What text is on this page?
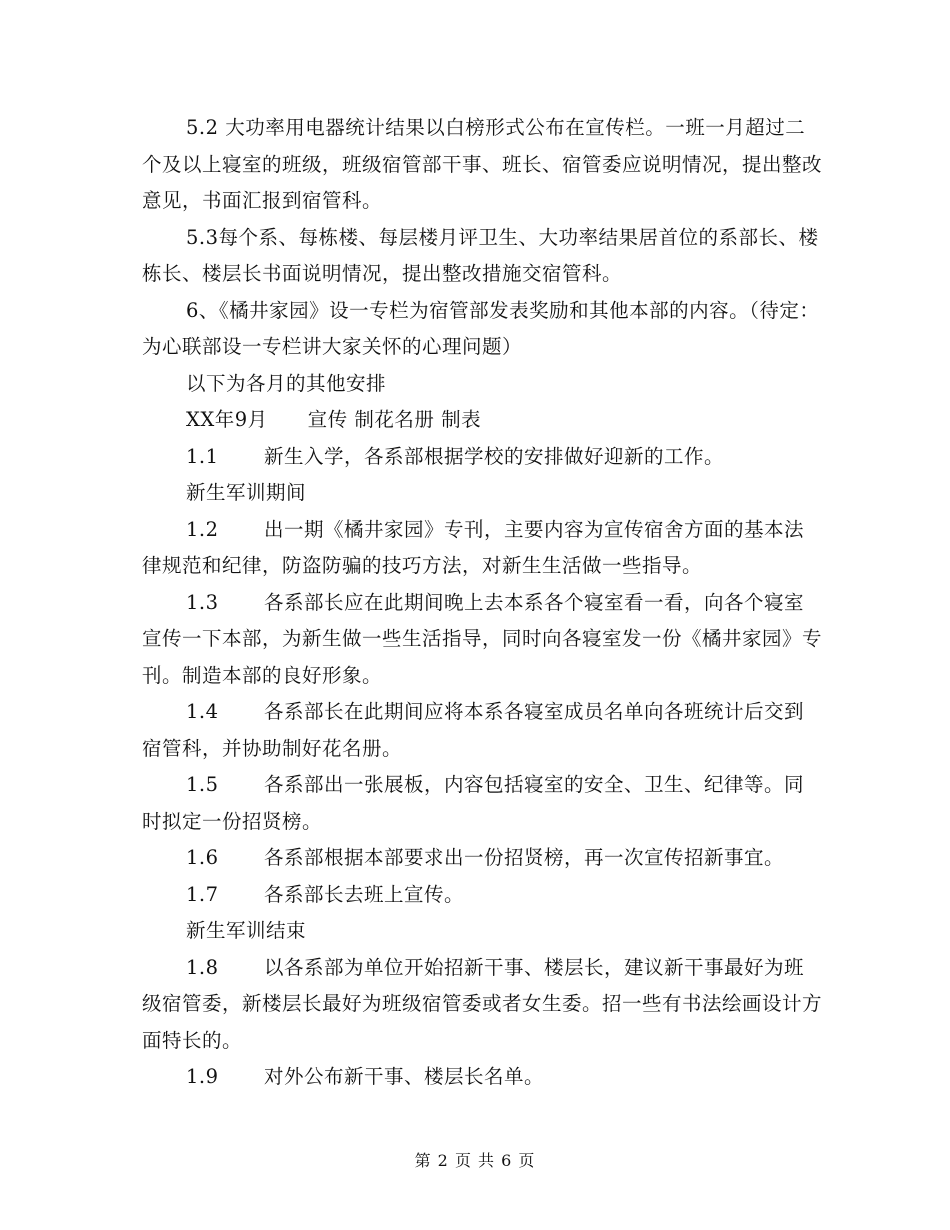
5.2 大功率用电器统计结果以白榜形式公布在宣传栏。一班一月超过二个及以上寝室的班级，班级宿管部干事、班长、宿管委应说明情况，提出整改意见，书面汇报到宿管科。

5.3每个系、每栋楼、每层楼月评卫生、大功率结果居首位的系部长、楼栋长、楼层长书面说明情况，提出整改措施交宿管科。

6、《橘井家园》设一专栏为宿管部发表奖励和其他本部的内容。（待定：为心联部设一专栏讲大家关怀的心理问题）

以下为各月的其他安排

XX年9月　　宣传 制花名册 制表

1.1 新生入学，各系部根据学校的安排做好迎新的工作。

新生军训期间

1.2 出一期《橘井家园》专刊，主要内容为宣传宿舍方面的基本法律规范和纪律，防盗防骗的技巧方法，对新生生活做一些指导。

1.3 各系部长应在此期间晚上去本系各个寝室看一看，向各个寝室宣传一下本部，为新生做一些生活指导，同时向各寝室发一份《橘井家园》专刊。制造本部的良好形象。

1.4 各系部长在此期间应将本系各寝室成员名单向各班统计后交到宿管科，并协助制好花名册。

1.5 各系部出一张展板，内容包括寝室的安全、卫生、纪律等。同时拟定一份招贤榜。

1.6 各系部根据本部要求出一份招贤榜，再一次宣传招新事宜。

1.7 各系部长去班上宣传。

新生军训结束

1.8 以各系部为单位开始招新干事、楼层长，建议新干事最好为班级宿管委，新楼层长最好为班级宿管委或者女生委。招一些有书法绘画设计方面特长的。

1.9 对外公布新干事、楼层长名单。

第 2 页 共 6 页
